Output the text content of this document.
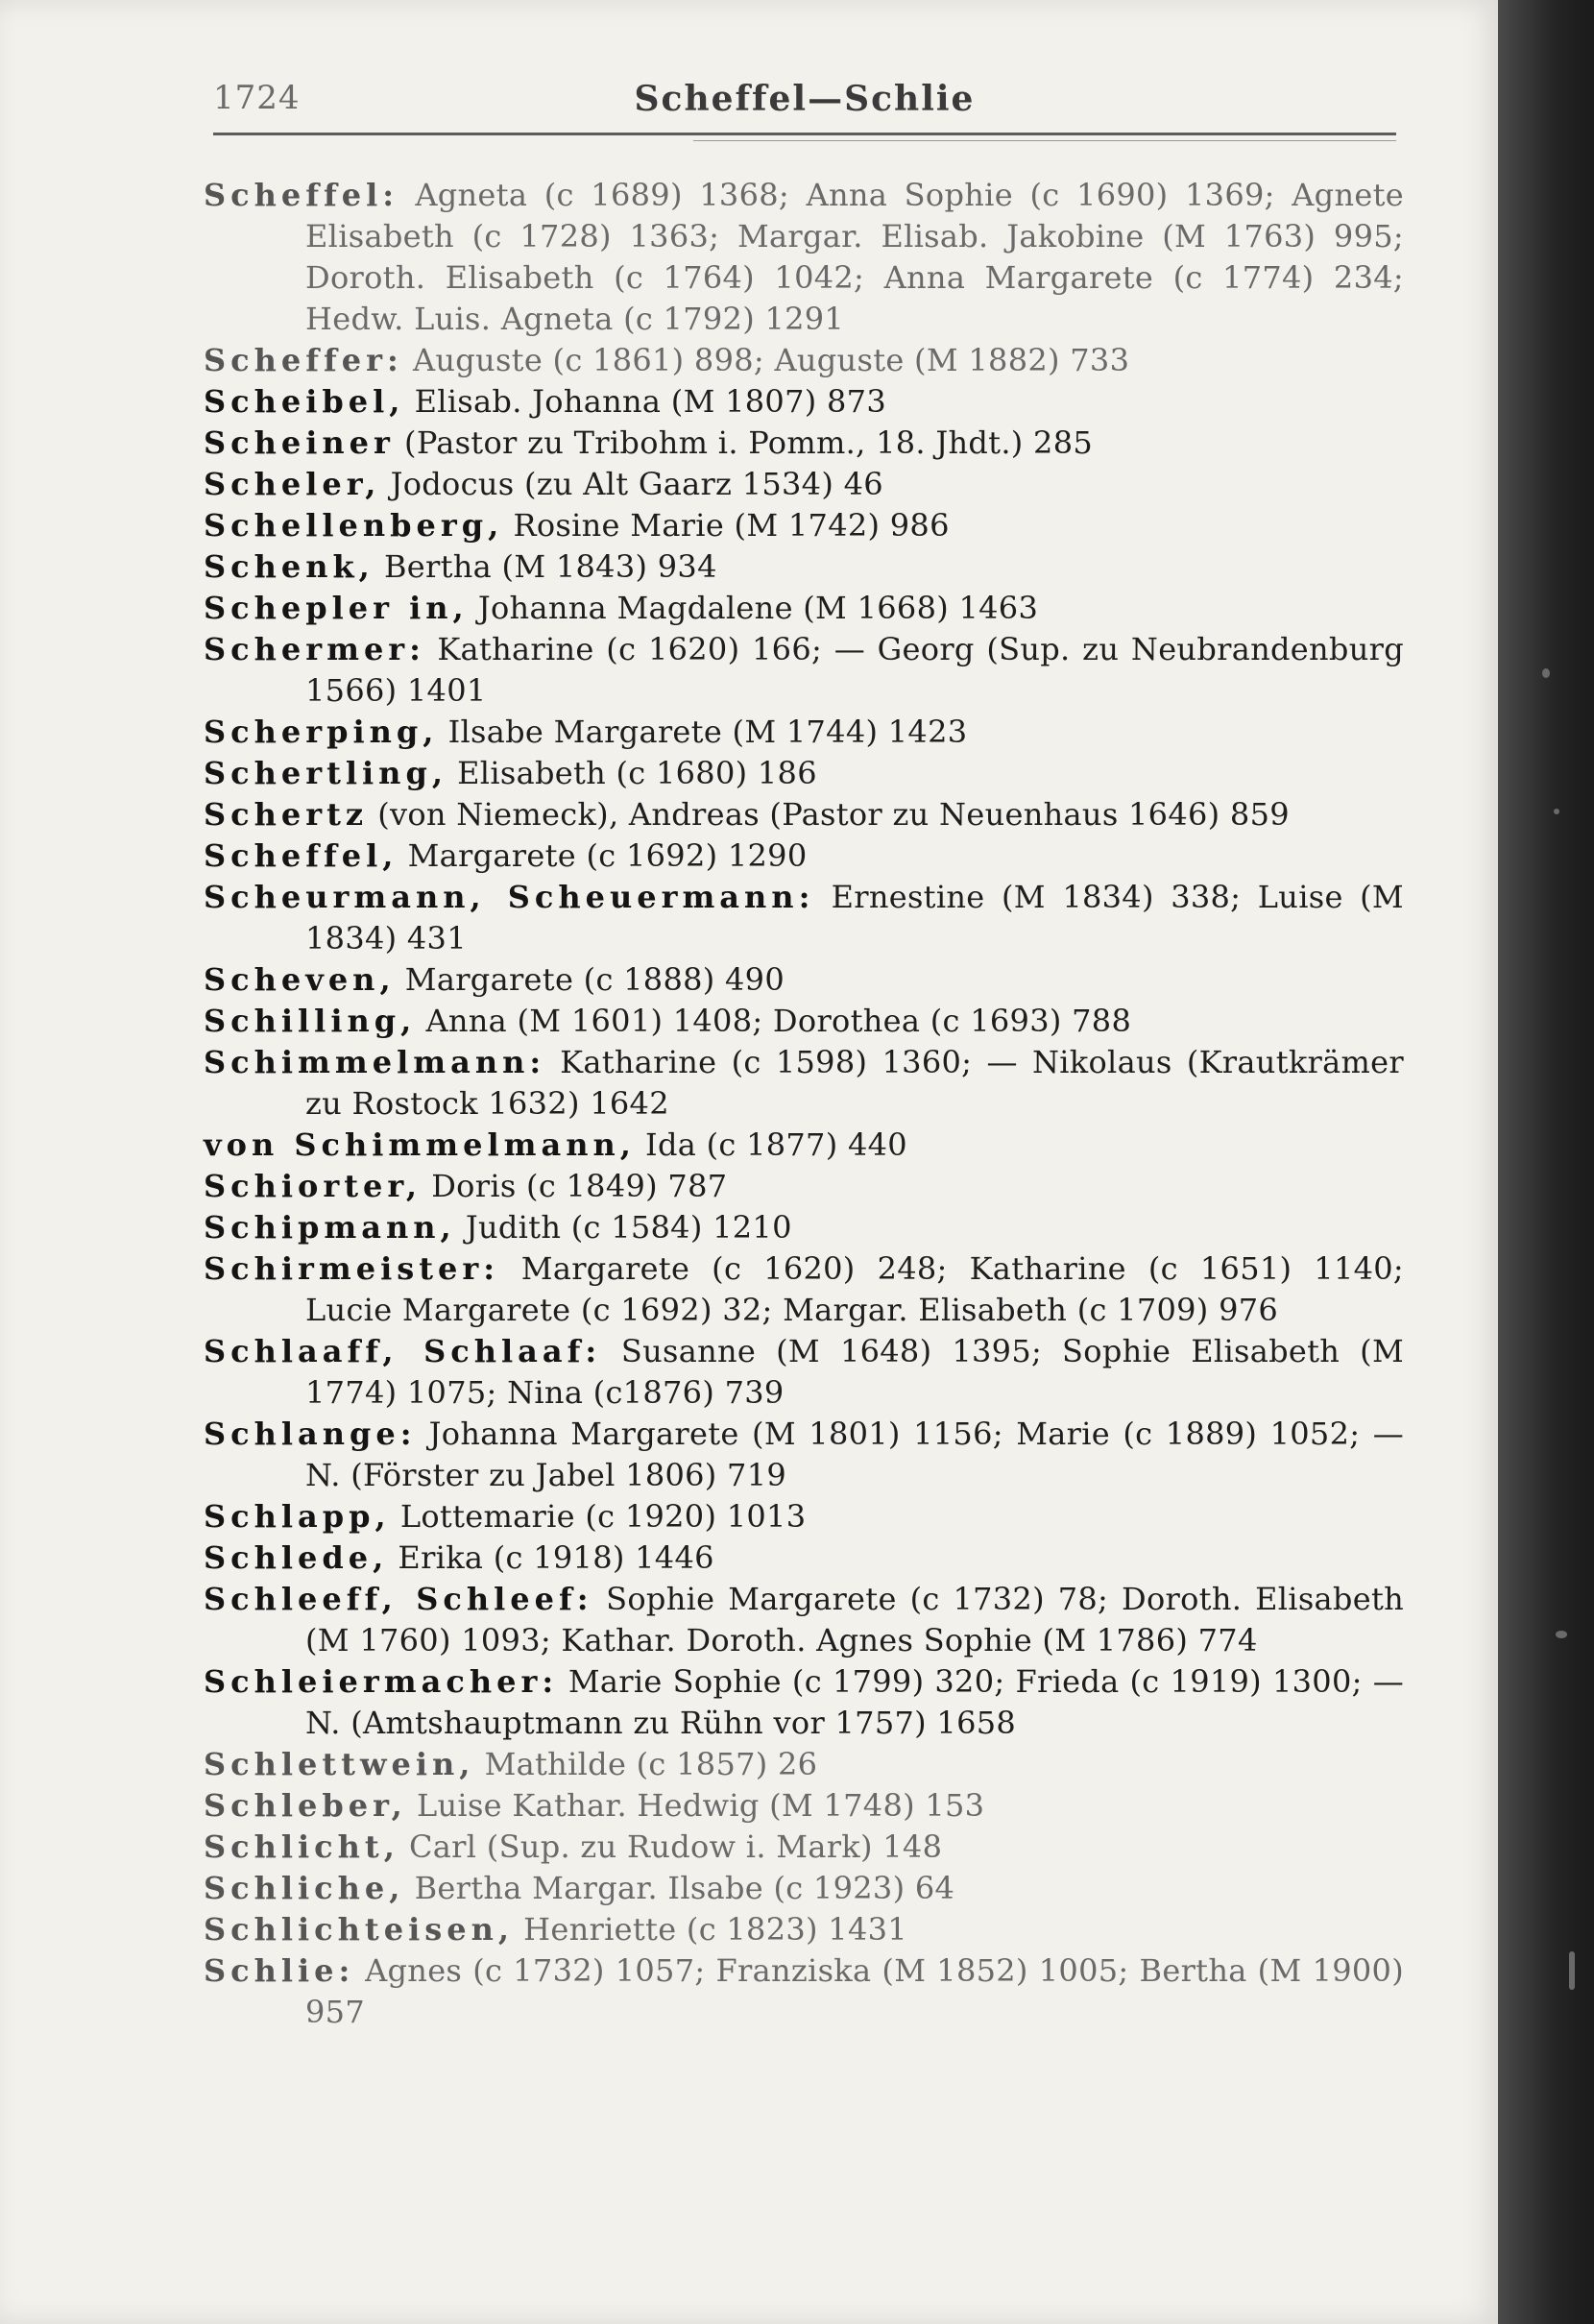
1724	Scheffel—Schlie
Scheffel: Agneta (c 1689) 1368; Anna Sophie (c 1690) 1369; Agnete Elisabeth (c 1728) 1363; Margar. Elisab. Jakobine (M 1763) 995; Doroth. Elisabeth (c 1764) 1042; Anna Margarete (c 1774) 234; Hedw. Luis. Agneta (c 1792) 1291
Scheffer: Auguste (c 1861) 898; Auguste (M 1882) 733
Scheibel, Elisab. Johanna (M 1807) 873
Scheiner (Pastor zu Tribohm i. Pomm., 18. Jhdt.) 285
Scheler, Jodocus (zu Alt Gaarz 1534) 46
Schellenberg, Rosine Marie (M 1742) 986
Schenk, Bertha (M 1843) 934
Schepler in, Johanna Magdalene (M 1668) 1463
Schermer: Katharine (c 1620) 166; — Georg (Sup. zu Neubrandenburg 1566) 1401
Scherping, Ilsabe Margarete (M 1744) 1423
Schertling, Elisabeth (c 1680) 186
Schertz (von Niemeck), Andreas (Pastor zu Neuenhaus 1646) 859
Scheffel, Margarete (c 1692) 1290
Scheurmann, Scheuermann: Ernestine (M 1834) 338; Luise (M 1834) 431
Scheven, Margarete (c 1888) 490
Schilling, Anna (M 1601) 1408; Dorothea (c 1693) 788
Schimmelmann: Katharine (c 1598) 1360; — Nikolaus (Krautkrämer zu Rostock 1632) 1642
von Schimmelmann, Ida (c 1877) 440
Schiorter, Doris (c 1849) 787
Schipmann, Judith (c 1584) 1210
Schirmeister: Margarete (c 1620) 248; Katharine (c 1651) 1140; Lucie Margarete (c 1692) 32; Margar. Elisabeth (c 1709) 976
Schlaaff, Schlaaf: Susanne (M 1648) 1395; Sophie Elisabeth (M 1774) 1075; Nina (c1876) 739
Schlange: Johanna Margarete (M 1801) 1156; Marie (c 1889) 1052; — N. (Förster zu Jabel 1806) 719
Schlapp, Lottemarie (c 1920) 1013
Schlede, Erika (c 1918) 1446
Schleeff, Schleef: Sophie Margarete (c 1732) 78; Doroth. Elisabeth (M 1760) 1093; Kathar. Doroth. Agnes Sophie (M 1786) 774
Schleiermacher: Marie Sophie (c 1799) 320; Frieda (c 1919) 1300; — N. (Amtshauptmann zu Rühn vor 1757) 1658
Schlettwein, Mathilde (c 1857) 26
Schleber, Luise Kathar. Hedwig (M 1748) 153
Schlicht, Carl (Sup. zu Rudow i. Mark) 148
Schliche, Bertha Margar. Ilsabe (c 1923) 64
Schlichteisen, Henriette (c 1823) 1431
Schlie: Agnes (c 1732) 1057; Franziska (M 1852) 1005; Bertha (M 1900) 957
